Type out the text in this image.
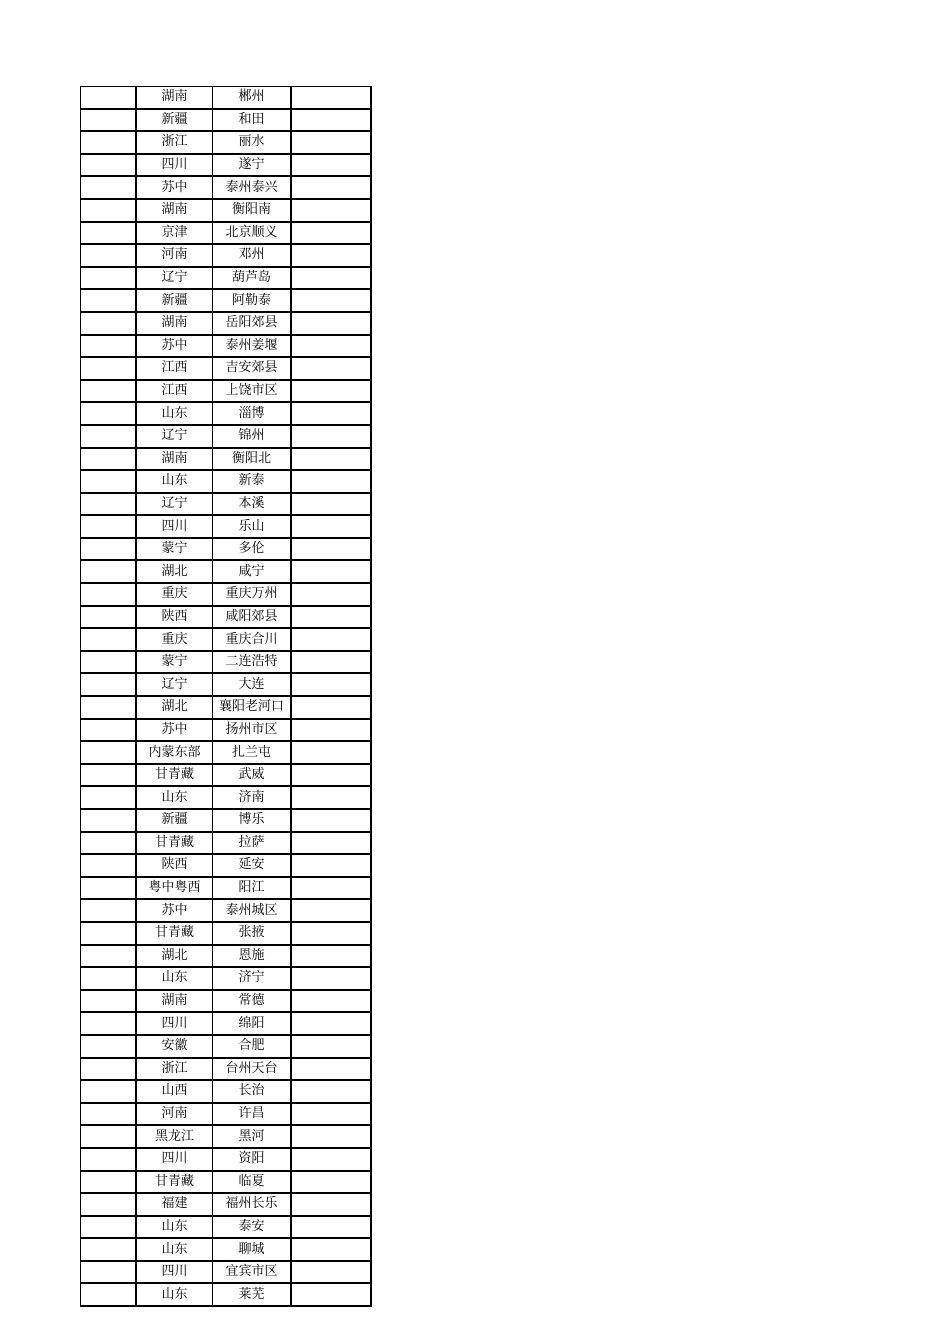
	湖南	郴州	
	新疆	和田	
	浙江	丽水	
	四川	遂宁	
	苏中	泰州泰兴	
	湖南	衡阳南	
	京津	北京顺义	
	河南	邓州	
	辽宁	葫芦岛	
	新疆	阿勒泰	
	湖南	岳阳郊县	
	苏中	泰州姜堰	
	江西	吉安郊县	
	江西	上饶市区	
	山东	淄博	
	辽宁	锦州	
	湖南	衡阳北	
	山东	新泰	
	辽宁	本溪	
	四川	乐山	
	蒙宁	多伦	
	湖北	咸宁	
	重庆	重庆万州	
	陕西	咸阳郊县	
	重庆	重庆合川	
	蒙宁	二连浩特	
	辽宁	大连	
	湖北	襄阳老河口	
	苏中	扬州市区	
	内蒙东部	扎兰屯	
	甘青藏	武威	
	山东	济南	
	新疆	博乐	
	甘青藏	拉萨	
	陕西	延安	
	粤中粤西	阳江	
	苏中	泰州城区	
	甘青藏	张掖	
	湖北	恩施	
	山东	济宁	
	湖南	常德	
	四川	绵阳	
	安徽	合肥	
	浙江	台州天台	
	山西	长治	
	河南	许昌	
	黑龙江	黑河	
	四川	资阳	
	甘青藏	临夏	
	福建	福州长乐	
	山东	泰安	
	山东	聊城	
	四川	宜宾市区	
	山东	莱芜	
